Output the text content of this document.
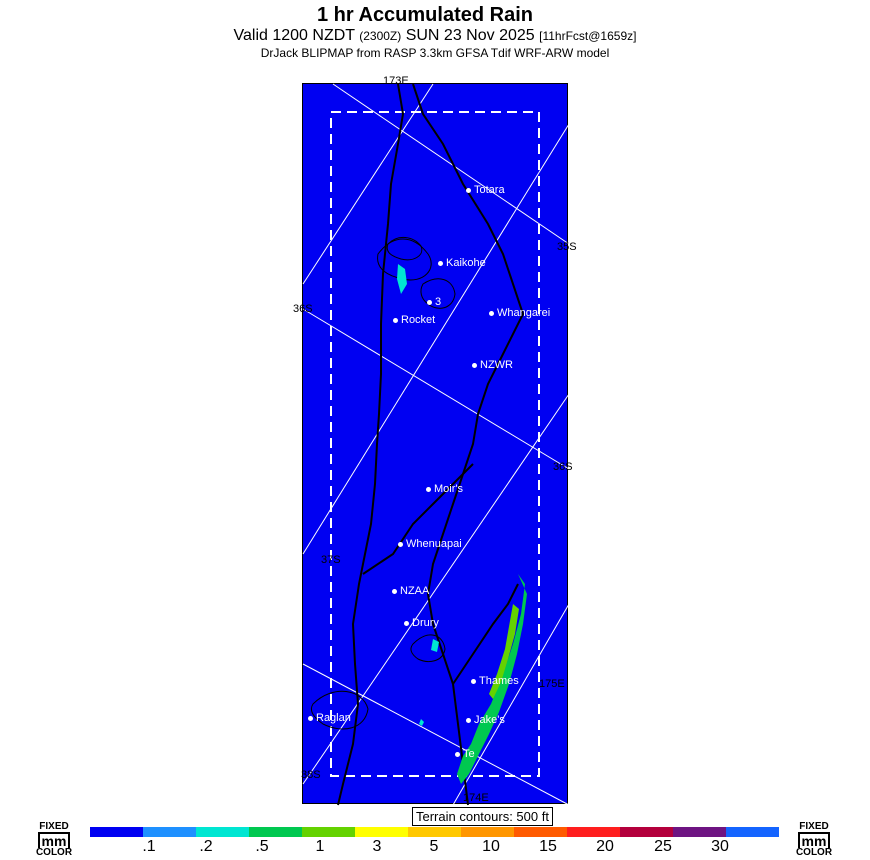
1 hr Accumulated Rain
Valid 1200 NZDT (2300Z) SUN 23 Nov 2025 [11hrFcst@1659z]
DrJack BLIPMAP from RASP 3.3km GFSA Tdif WRF-ARW model
173E
35S
36S
36S
37S
38S
174E
175E
Totara
Kaikohe
3
Rocket
Whangarei
NZWR
Moir's
Whenuapai
NZAA
Drury
Thames
Raglan	Jake's
Te
Terrain contours: 500 ft
FIXED
mm
COLOR
FIXED
mm
COLOR
.1	.2	.5	1	3	5	10 15 20	25 30
